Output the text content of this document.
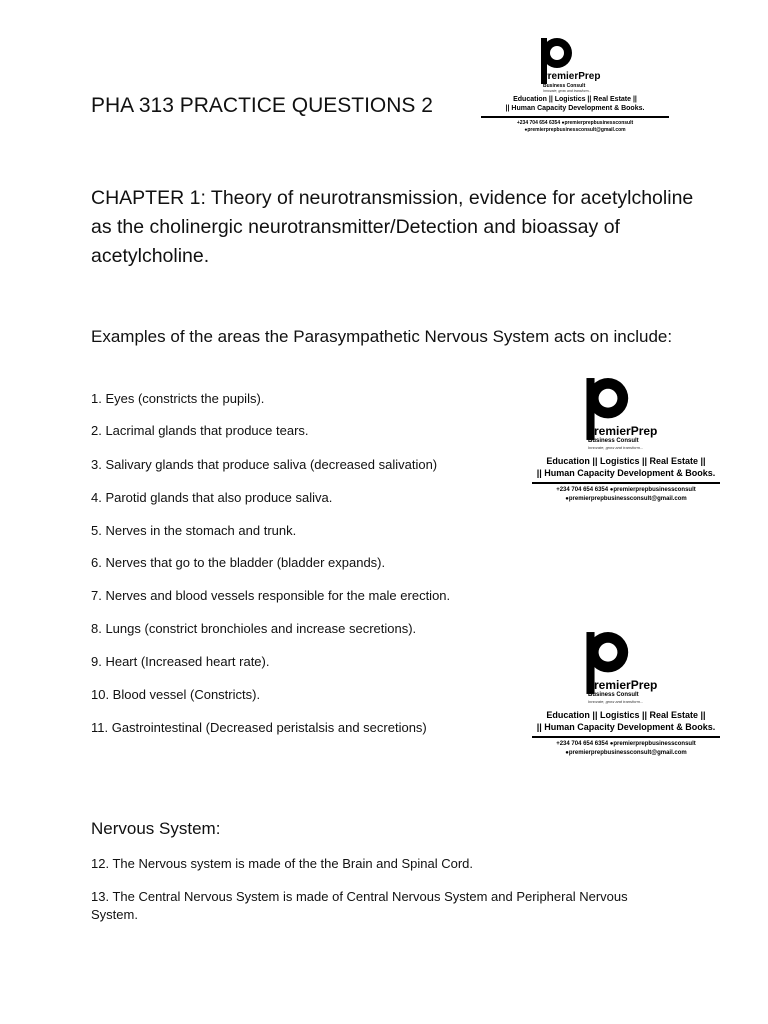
PHA 313 PRACTICE QUESTIONS 2
CHAPTER 1: Theory of neurotransmission, evidence for acetylcholine as the cholinergic neurotransmitter/Detection and bioassay of acetylcholine.
Examples of the areas the Parasympathetic Nervous System acts on include:
1. Eyes (constricts the pupils).
2. Lacrimal glands that produce tears.
3. Salivary glands that produce saliva (decreased salivation)
4. Parotid glands that also produce saliva.
5. Nerves in the stomach and trunk.
6. Nerves that go to the bladder (bladder expands).
7. Nerves and blood vessels responsible for the male erection.
8. Lungs (constrict bronchioles and increase secretions).
9. Heart (Increased heart rate).
10. Blood vessel (Constricts).
11. Gastrointestinal (Decreased peristalsis and secretions)
Nervous System:
12. The Nervous system is made of the the Brain and Spinal Cord.
13. The Central Nervous System is made of Central Nervous System and Peripheral Nervous System.
PremierPrep
Business Consult
Innovate, grow and transform...
Education || Logistics || Real Estate ||
|| Human Capacity Development & Books.
+234 704 654 6354 ●premierprepbusinessconsult
●premierprepbusinessconsult@gmail.com
PremierPrep
Business Consult
Innovate, grow and transform...
Education || Logistics || Real Estate ||
|| Human Capacity Development & Books.
+234 704 654 6354 ●premierprepbusinessconsult
●premierprepbusinessconsult@gmail.com
PremierPrep
Business Consult
Innovate, grow and transform...
Education || Logistics || Real Estate ||
|| Human Capacity Development & Books.
+234 704 654 6354 ●premierprepbusinessconsult
●premierprepbusinessconsult@gmail.com
